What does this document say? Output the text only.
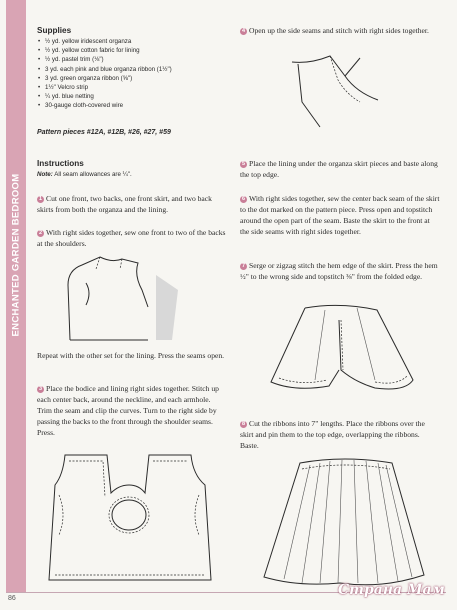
ENCHANTED GARDEN BEDROOM
86
Supplies
• ½ yd. yellow iridescent organza
• ½ yd. yellow cotton fabric for lining
• ½ yd. pastel trim (⅛")
• 3 yd. each pink and blue organza ribbon (1½")
• 3 yd. green organza ribbon (⅝")
• 1½" Velcro strip
• ¼ yd. blue netting
• 30-gauge cloth-covered wire
Pattern pieces #12A, #12B, #26, #27, #59
Instructions
Note: All seam allowances are ¼".

1 Cut one front, two backs, one front skirt, and two back skirts from both the organza and the lining.

2 With right sides together, sew one front to two of the backs at the shoulders.

Repeat with the other set for the lining. Press the seams open.

3 Place the bodice and lining right sides together. Stitch up each center back, around the neckline, and each armhole. Trim the seam and clip the curves. Turn to the right side by passing the backs to the front through the shoulder seams. Press.

4 Open up the side seams and stitch with right sides together.

5 Place the lining under the organza skirt pieces and baste along the top edge.

6 With right sides together, sew the center back seam of the skirt to the dot marked on the pattern piece. Press open and topstitch around the open part of the seam. Baste the skirt to the front at the side seams with right sides together.

7 Serge or zigzag stitch the hem edge of the skirt. Press the hem ½" to the wrong side and topstitch ⅜" from the folded edge.

8 Cut the ribbons into 7" lengths. Place the ribbons over the skirt and pin them to the top edge, overlapping the ribbons. Baste.

Страна Мам
